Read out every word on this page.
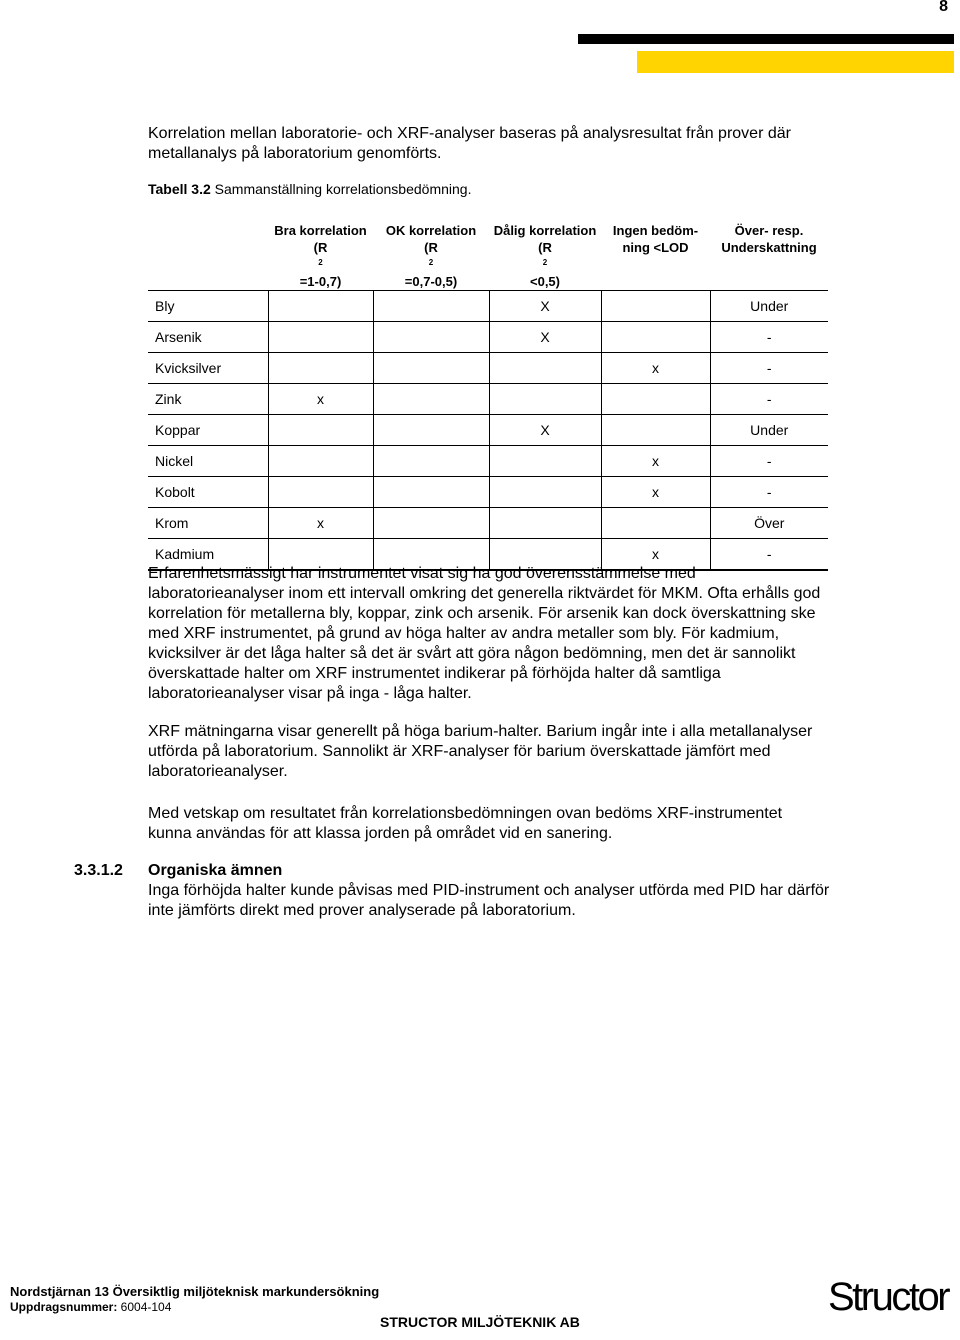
8

Korrelation mellan laboratorie- och XRF-analyser baseras på analysresultat från prover där metallanalys på laboratorium genomförts.

Tabell 3.2 Sammanställning korrelationsbedömning.

	Bra korrelation
(R
$^2$
=1-0,7)	OK korrelation
(R
$^2$
=0,7-0,5)	Dålig korrelation
(R
$^2$
<0,5)	Ingen bedöm-
ning <LOD	Över- resp.
Underskattning

Bly			X		Under
Arsenik			X		-
Kvicksilver				x	-
Zink	x				-
Koppar			X		Under
Nickel				x	-
Kobolt				x	-
Krom	x				Över
Kadmium				x	-

Erfarenhetsmässigt har instrumentet visat sig ha god överensstämmelse med laboratorieanalyser inom ett intervall omkring det generella riktvärdet för MKM. Ofta erhålls god korrelation för metallerna bly, koppar, zink och arsenik. För arsenik kan dock överskattning ske med XRF instrumentet, på grund av höga halter av andra metaller som bly. För kadmium, kvicksilver är det låga halter så det är svårt att göra någon bedömning, men det är sannolikt överskattade halter om XRF instrumentet indikerar på förhöjda halter då samtliga laboratorieanalyser visar på inga - låga halter.

XRF mätningarna visar generellt på höga barium-halter. Barium ingår inte i alla metallanalyser utförda på laboratorium. Sannolikt är XRF-analyser för barium överskattade jämfört med laboratorieanalyser.

Med vetskap om resultatet från korrelationsbedömningen ovan bedöms XRF-instrumentet kunna användas för att klassa jorden på området vid en sanering.

3.3.1.2 Organiska ämnen
Inga förhöjda halter kunde påvisas med PID-instrument och analyser utförda med PID har därför inte jämförts direkt med prover analyserade på laboratorium.
Nordstjärnan 13 Översiktlig miljöteknisk markundersökning
Uppdragsnummer: 6004-104
STRUCTOR MILJÖTEKNIK AB
Structor
